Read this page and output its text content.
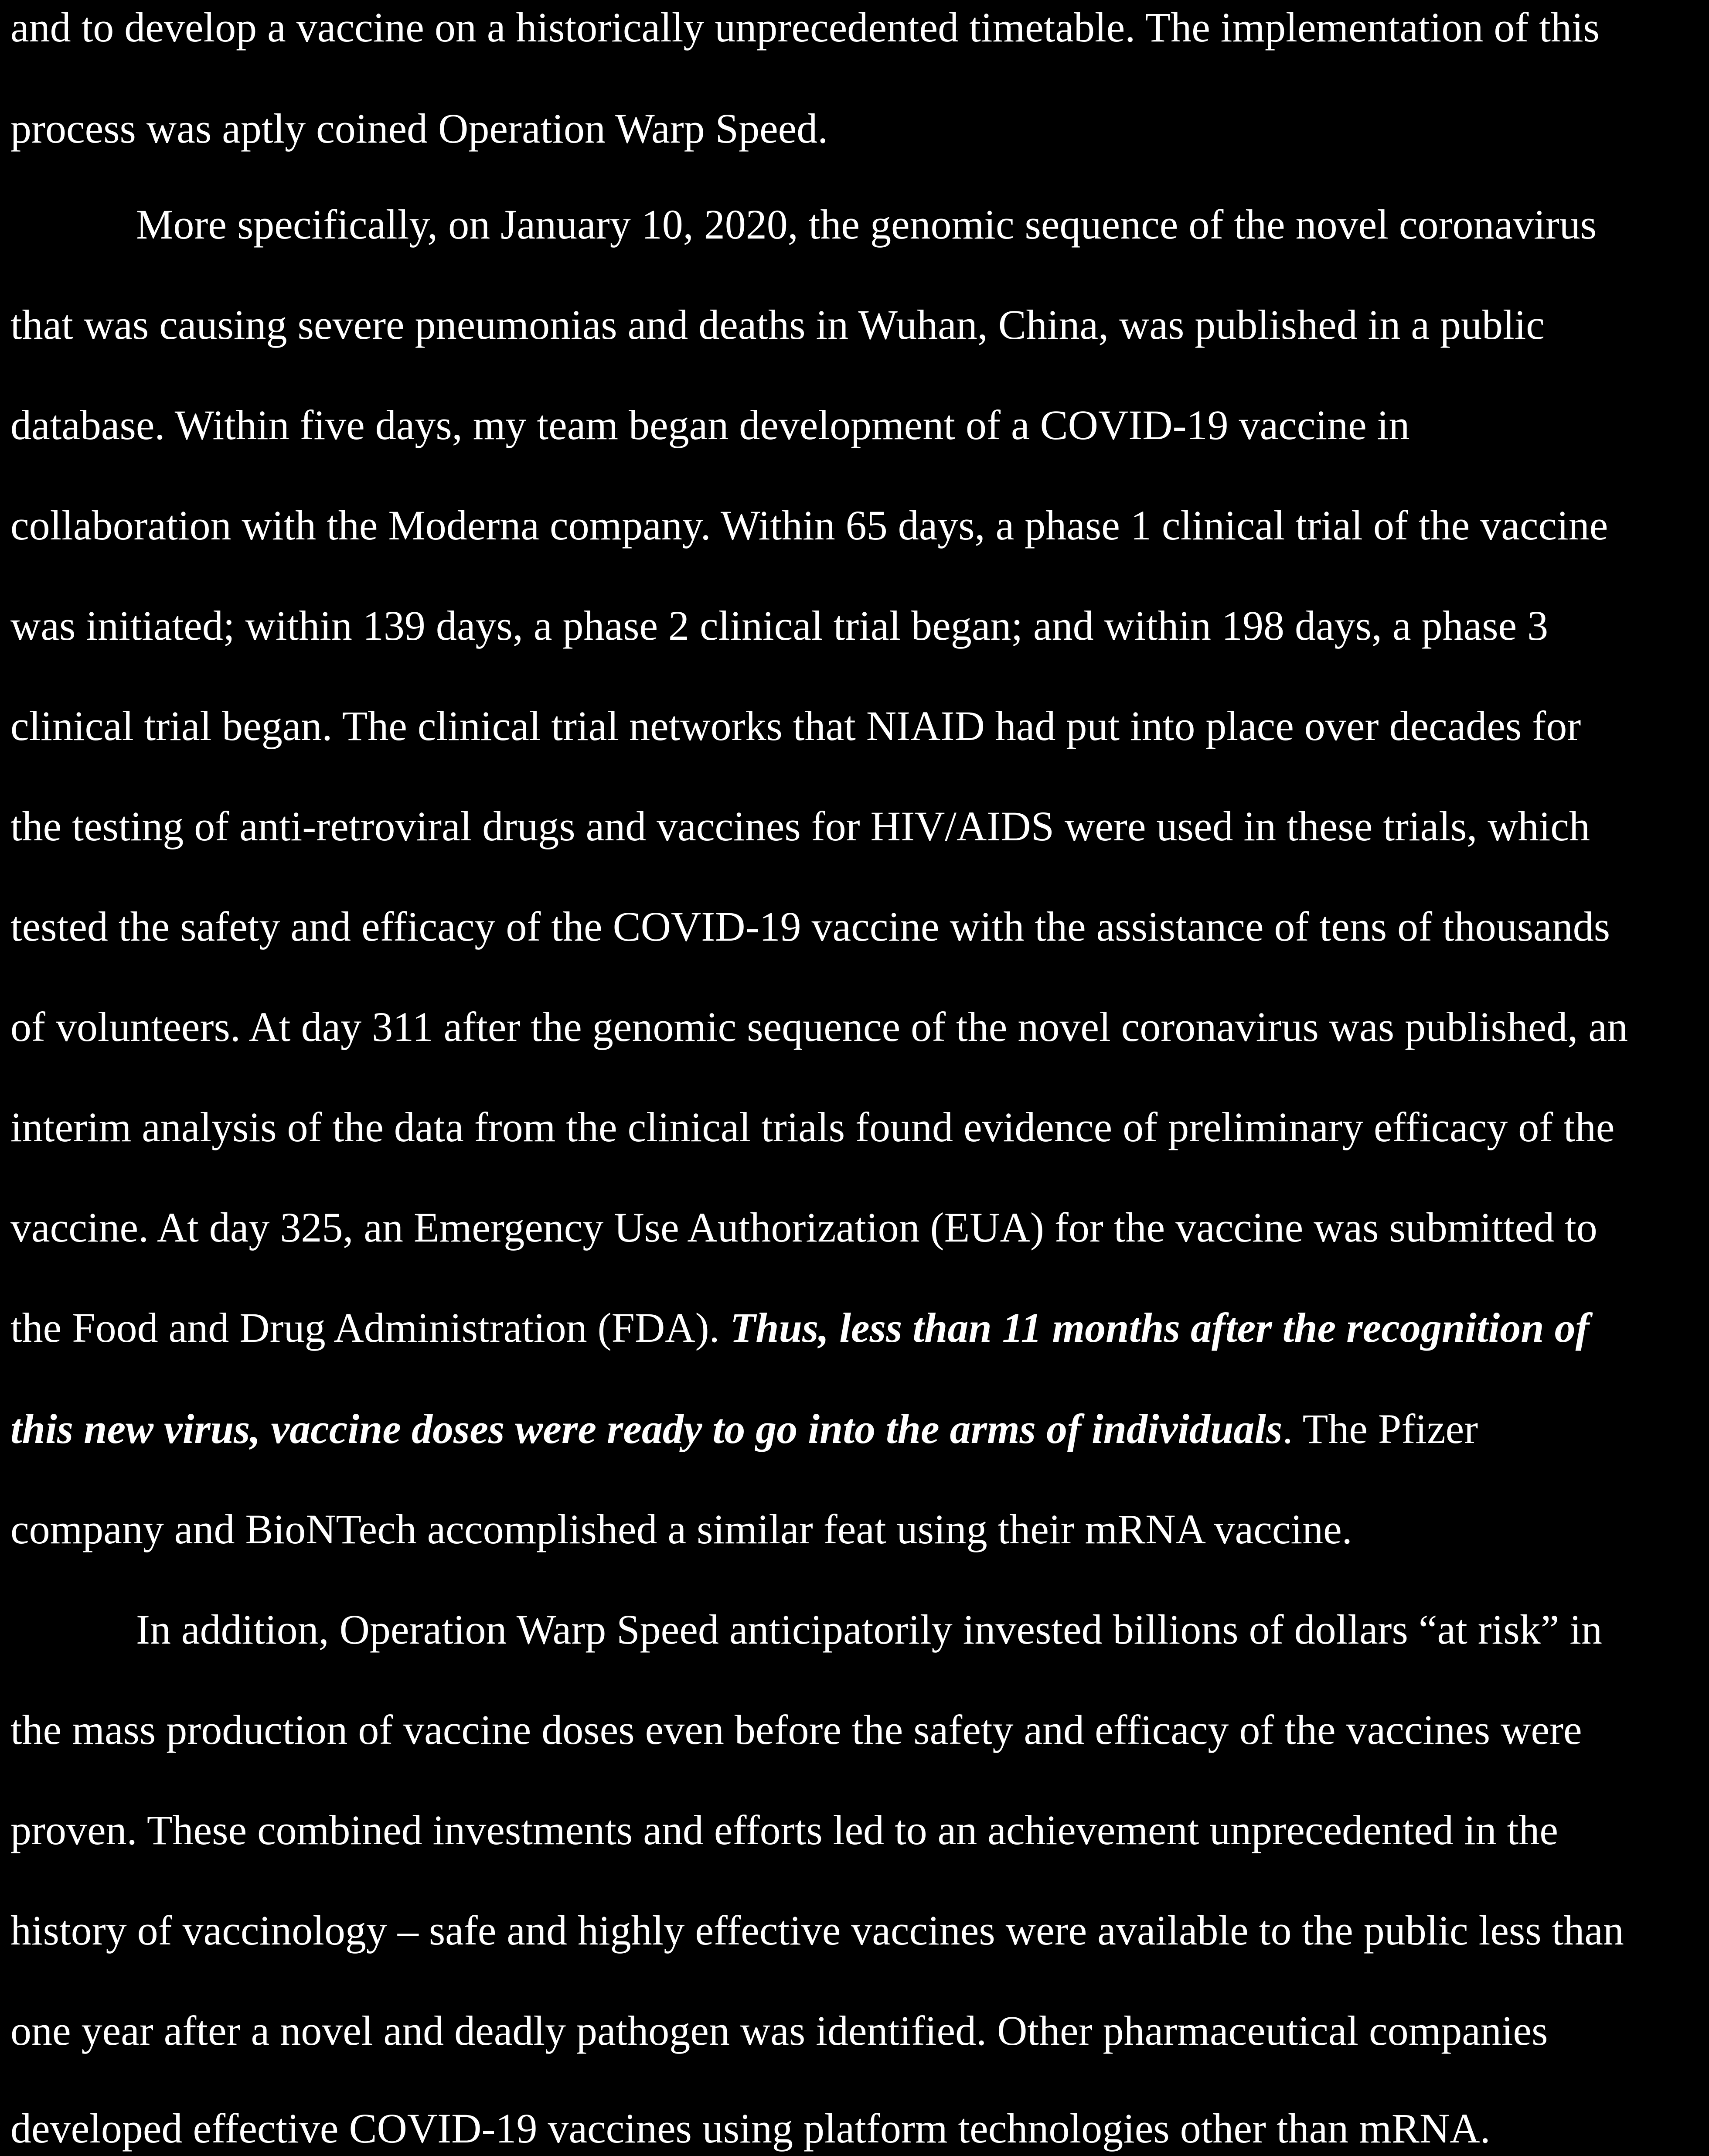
and to develop a vaccine on a historically unprecedented timetable. The implementation of this

process was aptly coined Operation Warp Speed.

More specifically, on January 10, 2020, the genomic sequence of the novel coronavirus

that was causing severe pneumonias and deaths in Wuhan, China, was published in a public

database. Within five days, my team began development of a COVID-19 vaccine in

collaboration with the Moderna company. Within 65 days, a phase 1 clinical trial of the vaccine

was initiated; within 139 days, a phase 2 clinical trial began; and within 198 days, a phase 3

clinical trial began. The clinical trial networks that NIAID had put into place over decades for

the testing of anti-retroviral drugs and vaccines for HIV/AIDS were used in these trials, which

tested the safety and efficacy of the COVID-19 vaccine with the assistance of tens of thousands

of volunteers. At day 311 after the genomic sequence of the novel coronavirus was published, an

interim analysis of the data from the clinical trials found evidence of preliminary efficacy of the

vaccine. At day 325, an Emergency Use Authorization (EUA) for the vaccine was submitted to

the Food and Drug Administration (FDA). Thus, less than 11 months after the recognition of

this new virus, vaccine doses were ready to go into the arms of individuals. The Pfizer

company and BioNTech accomplished a similar feat using their mRNA vaccine.

In addition, Operation Warp Speed anticipatorily invested billions of dollars “at risk” in

the mass production of vaccine doses even before the safety and efficacy of the vaccines were

proven. These combined investments and efforts led to an achievement unprecedented in the

history of vaccinology – safe and highly effective vaccines were available to the public less than

one year after a novel and deadly pathogen was identified. Other pharmaceutical companies

developed effective COVID-19 vaccines using platform technologies other than mRNA.
